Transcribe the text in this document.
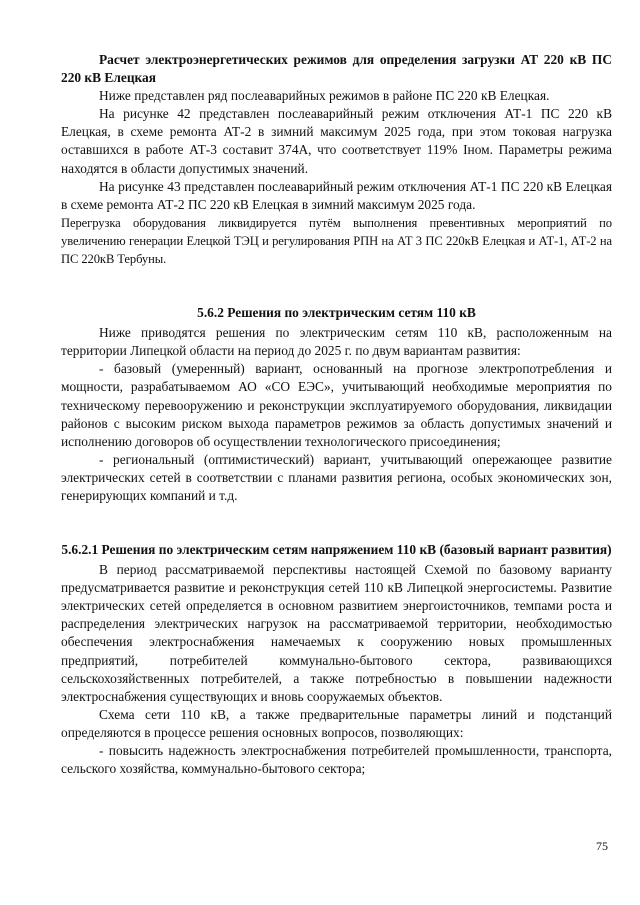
Расчет электроэнергетических режимов для определения загрузки АТ 220 кВ ПС 220 кВ Елецкая

Ниже представлен ряд послеаварийных режимов в районе ПС 220 кВ Елецкая.

На рисунке 42 представлен послеаварийный режим отключения АТ-1 ПС 220 кВ Елецкая, в схеме ремонта АТ-2 в зимний максимум 2025 года, при этом токовая нагрузка оставшихся в работе АТ-3 составит 374А, что соответствует 119% Iном. Параметры режима находятся в области допустимых значений.

На рисунке 43 представлен послеаварийный режим отключения АТ-1 ПС 220 кВ Елецкая в схеме ремонта АТ-2 ПС 220 кВ Елецкая в зимний максимум 2025 года.

Перегрузка оборудования ликвидируется путём выполнения превентивных мероприятий по увеличению генерации Елецкой ТЭЦ и регулирования РПН на АТ 3 ПС 220кВ Елецкая и АТ-1, АТ-2 на ПС 220кВ Тербуны.

5.6.2 Решения по электрическим сетям 110 кВ

Ниже приводятся решения по электрическим сетям 110 кВ, расположенным на территории Липецкой области на период до 2025 г. по двум вариантам развития:

- базовый (умеренный) вариант, основанный на прогнозе электропотребления и мощности, разрабатываемом АО «СО ЕЭС», учитывающий необходимые мероприятия по техническому перевооружению и реконструкции эксплуатируемого оборудования, ликвидации районов с высоким риском выхода параметров режимов за область допустимых значений и исполнению договоров об осуществлении технологического присоединения;

- региональный (оптимистический) вариант, учитывающий опережающее развитие электрических сетей в соответствии с планами развития региона, особых экономических зон, генерирующих компаний и т.д.

5.6.2.1 Решения по электрическим сетям напряжением 110 кВ (базовый вариант развития)

В период рассматриваемой перспективы настоящей Схемой по базовому варианту предусматривается развитие и реконструкция сетей 110 кВ Липецкой энергосистемы. Развитие электрических сетей определяется в основном развитием энергоисточников, темпами роста и распределения электрических нагрузок на рассматриваемой территории, необходимостью обеспечения электроснабжения намечаемых к сооружению новых промышленных предприятий, потребителей коммунально-бытового сектора, развивающихся сельскохозяйственных потребителей, а также потребностью в повышении надежности электроснабжения существующих и вновь сооружаемых объектов.

Схема сети 110 кВ, а также предварительные параметры линий и подстанций определяются в процессе решения основных вопросов, позволяющих:

- повысить надежность электроснабжения потребителей промышленности, транспорта, сельского хозяйства, коммунально-бытового сектора;

75
